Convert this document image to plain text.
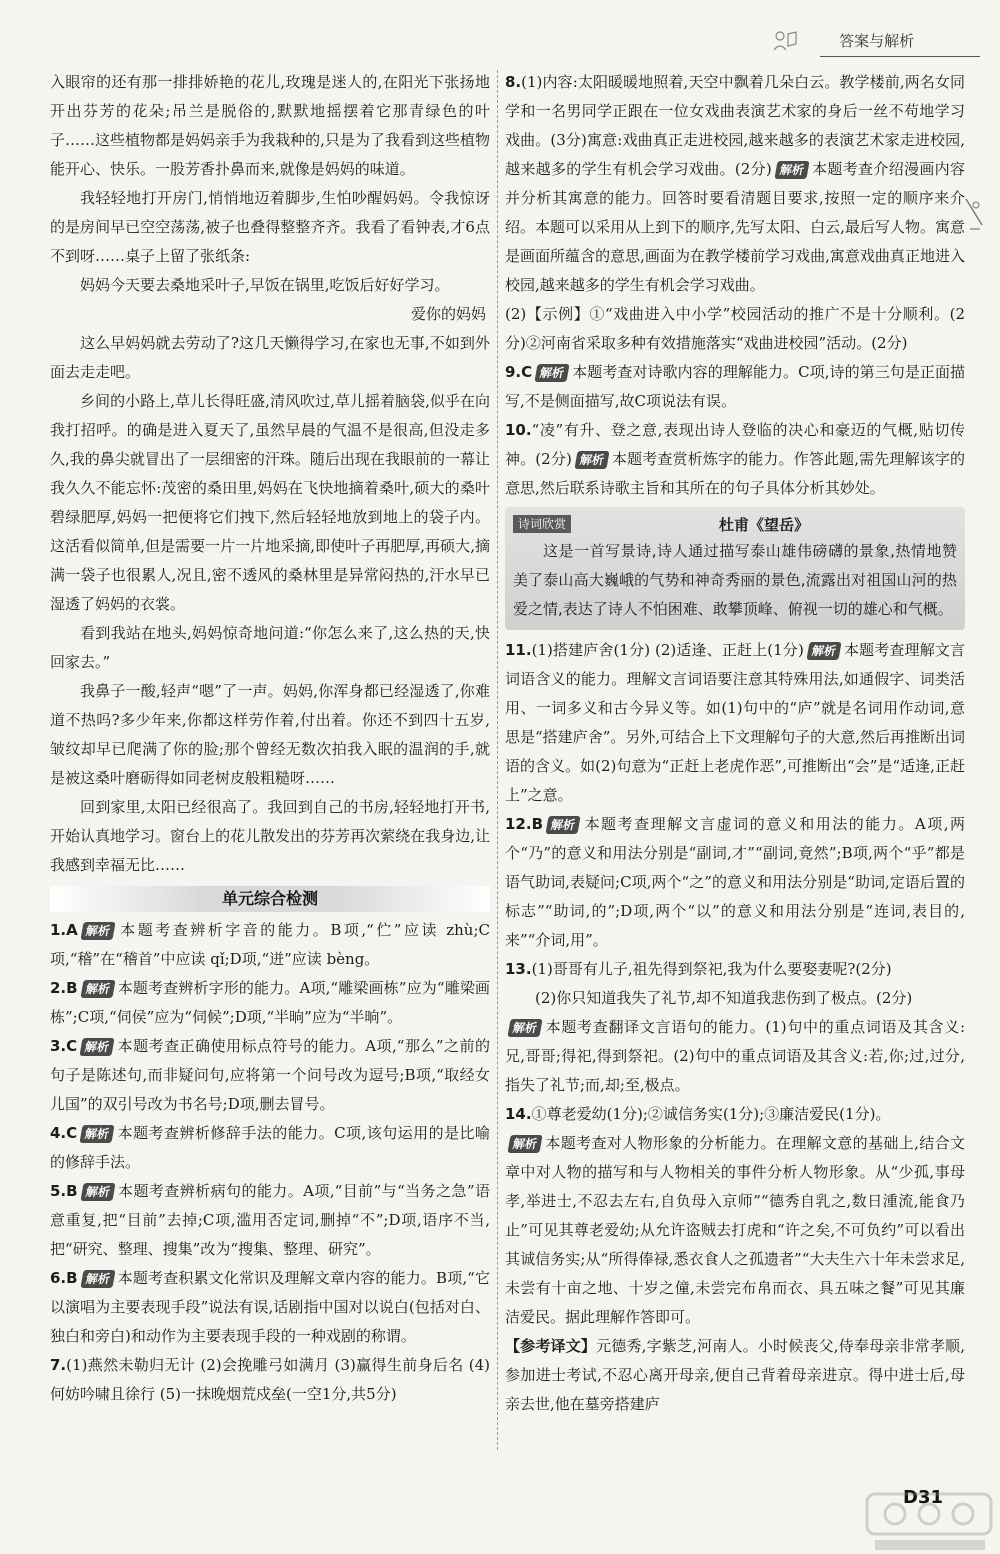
答案与解析

入眼帘的还有那一排排娇艳的花儿,玫瑰是迷人的,在阳光下张扬地开出芬芳的花朵;吊兰是脱俗的,默默地摇摆着它那青绿色的叶子……这些植物都是妈妈亲手为我栽种的,只是为了我看到这些植物能开心、快乐。一股芳香扑鼻而来,就像是妈妈的味道。

我轻轻地打开房门,悄悄地迈着脚步,生怕吵醒妈妈。令我惊讶的是房间早已空空荡荡,被子也叠得整整齐齐。我看了看钟表,才6点不到呀……桌子上留了张纸条:

妈妈今天要去桑地采叶子,早饭在锅里,吃饭后好好学习。

爱你的妈妈

这么早妈妈就去劳动了?这几天懒得学习,在家也无事,不如到外面去走走吧。

乡间的小路上,草儿长得旺盛,清风吹过,草儿摇着脑袋,似乎在向我打招呼。的确是进入夏天了,虽然早晨的气温不是很高,但没走多久,我的鼻尖就冒出了一层细密的汗珠。随后出现在我眼前的一幕让我久久不能忘怀:茂密的桑田里,妈妈在飞快地摘着桑叶,硕大的桑叶碧绿肥厚,妈妈一把便将它们拽下,然后轻轻地放到地上的袋子内。这活看似简单,但是需要一片一片地采摘,即使叶子再肥厚,再硕大,摘满一袋子也很累人,况且,密不透风的桑林里是异常闷热的,汗水早已湿透了妈妈的衣裳。

看到我站在地头,妈妈惊奇地问道:“你怎么来了,这么热的天,快回家去。”

我鼻子一酸,轻声“嗯”了一声。妈妈,你浑身都已经湿透了,你难道不热吗?多少年来,你都这样劳作着,付出着。你还不到四十五岁,皱纹却早已爬满了你的脸;那个曾经无数次拍我入眠的温润的手,就是被这桑叶磨砺得如同老树皮般粗糙呀……

回到家里,太阳已经很高了。我回到自己的书房,轻轻地打开书,开始认真地学习。窗台上的花儿散发出的芬芳再次萦绕在我身边,让我感到幸福无比……

单元综合检测
1.A 解析 本题考查辨析字音的能力。B项,“伫”应读 zhù;C项,“稽”在“稽首”中应读 qǐ;D项,“迸”应读 bèng。
2.B 解析 本题考查辨析字形的能力。A项,“雕梁画栋”应为“雕梁画栋”;C项,“伺侯”应为“伺候”;D项,“半晌”应为“半晌”。
3.C 解析 本题考查正确使用标点符号的能力。A项,“那么”之前的句子是陈述句,而非疑问句,应将第一个问号改为逗号;B项,“取经女儿国”的双引号改为书名号;D项,删去冒号。
4.C 解析 本题考查辨析修辞手法的能力。C项,该句运用的是比喻的修辞手法。
5.B 解析 本题考查辨析病句的能力。A项,“目前”与“当务之急”语意重复,把“目前”去掉;C项,滥用否定词,删掉“不”;D项,语序不当,把“研究、整理、搜集”改为“搜集、整理、研究”。
6.B 解析 本题考查积累文化常识及理解文章内容的能力。B项,“它以演唱为主要表现手段”说法有误,话剧指中国对以说白(包括对白、独白和旁白)和动作为主要表现手段的一种戏剧的称谓。
7.(1)燕然未勒归无计 (2)会挽雕弓如满月 (3)赢得生前身后名 (4)何妨吟啸且徐行 (5)一抹晚烟荒戍垒(一空1分,共5分)
8.(1)内容:太阳暖暖地照着,天空中飘着几朵白云。教学楼前,两名女同学和一名男同学正跟在一位女戏曲表演艺术家的身后一丝不苟地学习戏曲。(3分)寓意:戏曲真正走进校园,越来越多的表演艺术家走进校园,越来越多的学生有机会学习戏曲。(2分) 解析 本题考查介绍漫画内容并分析其寓意的能力。回答时要看清题目要求,按照一定的顺序来介绍。本题可以采用从上到下的顺序,先写太阳、白云,最后写人物。寓意是画面所蕴含的意思,画面为在教学楼前学习戏曲,寓意戏曲真正地进入校园,越来越多的学生有机会学习戏曲。
(2)【示例】①“戏曲进入中小学”校园活动的推广不是十分顺利。(2分)②河南省采取多种有效措施落实“戏曲进校园”活动。(2分)
9.C 解析 本题考查对诗歌内容的理解能力。C项,诗的第三句是正面描写,不是侧面描写,故C项说法有误。
10.“凌”有升、登之意,表现出诗人登临的决心和豪迈的气概,贴切传神。(2分) 解析 本题考查赏析炼字的能力。作答此题,需先理解该字的意思,然后联系诗歌主旨和其所在的句子具体分析其妙处。
诗词欣赏	杜甫《望岳》

这是一首写景诗,诗人通过描写泰山雄伟磅礴的景象,热情地赞美了泰山高大巍峨的气势和神奇秀丽的景色,流露出对祖国山河的热爱之情,表达了诗人不怕困难、敢攀顶峰、俯视一切的雄心和气概。

11.(1)搭建庐舍(1分) (2)适逢、正赶上(1分) 解析 本题考查理解文言词语含义的能力。理解文言词语要注意其特殊用法,如通假字、词类活用、一词多义和古今异义等。如(1)句中的“庐”就是名词用作动词,意思是“搭建庐舍”。另外,可结合上下文理解句子的大意,然后再推断出词语的含义。如(2)句意为“正赶上老虎作恶”,可推断出“会”是“适逢,正赶上”之意。
12.B 解析 本题考查理解文言虚词的意义和用法的能力。A项,两个“乃”的意义和用法分别是“副词,才”“副词,竟然”;B项,两个“乎”都是语气助词,表疑问;C项,两个“之”的意义和用法分别是“助词,定语后置的标志”“助词,的”;D项,两个“以”的意义和用法分别是“连词,表目的,来”“介词,用”。
13.(1)哥哥有儿子,祖先得到祭祀,我为什么要娶妻呢?(2分)
(2)你只知道我失了礼节,却不知道我悲伤到了极点。(2分)
解析 本题考查翻译文言语句的能力。(1)句中的重点词语及其含义:兄,哥哥;得祀,得到祭祀。(2)句中的重点词语及其含义:若,你;过,过分,指失了礼节;而,却;至,极点。
14.①尊老爱幼(1分);②诚信务实(1分);③廉洁爱民(1分)。
解析 本题考查对人物形象的分析能力。在理解文意的基础上,结合文章中对人物的描写和与人物相关的事件分析人物形象。从“少孤,事母孝,举进士,不忍去左右,自负母入京师”“德秀自乳之,数日湩流,能食乃止”可见其尊老爱幼;从允许盗贼去打虎和“许之矣,不可负约”可以看出其诚信务实;从“所得俸禄,悉衣食人之孤遗者”“大夫生六十年未尝求足,未尝有十亩之地、十岁之僮,未尝完布帛而衣、具五味之餐”可见其廉洁爱民。据此理解作答即可。
【参考译文】元德秀,字紫芝,河南人。小时候丧父,侍奉母亲非常孝顺,参加进士考试,不忍心离开母亲,便自己背着母亲进京。得中进士后,母亲去世,他在墓旁搭建庐
D31
